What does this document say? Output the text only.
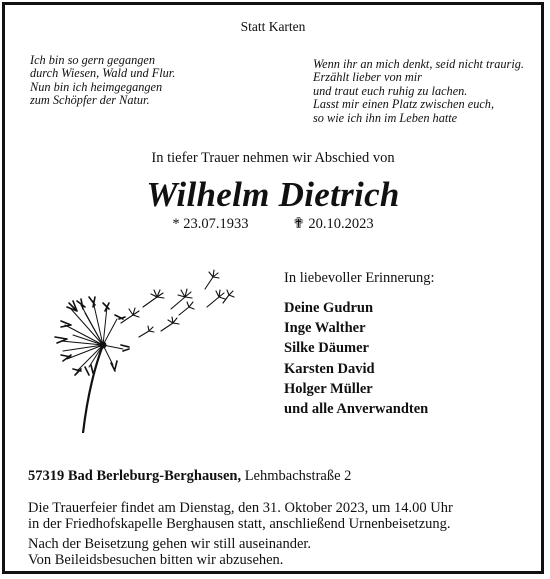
Statt Karten
Ich bin so gern gegangen
durch Wiesen, Wald und Flur.
Nun bin ich heimgegangen
zum Schöpfer der Natur.
Wenn ihr an mich denkt, seid nicht traurig.
Erzählt lieber von mir
und traut euch ruhig zu lachen.
Lasst mir einen Platz zwischen euch,
so wie ich ihn im Leben hatte
In tiefer Trauer nehmen wir Abschied von
Wilhelm Dietrich
* 23.07.1933	✟ 20.10.2023
In liebevoller Erinnerung:
Deine Gudrun
Inge Walther
Silke Däumer
Karsten David
Holger Müller
und alle Anverwandten
57319 Bad Berleburg-Berghausen, Lehmbachstraße 2
Die Trauerfeier findet am Dienstag, den 31. Oktober 2023, um 14.00 Uhr
in der Friedhofskapelle Berghausen statt, anschließend Urnenbeisetzung.
Nach der Beisetzung gehen wir still auseinander.
Von Beileidsbesuchen bitten wir abzusehen.
